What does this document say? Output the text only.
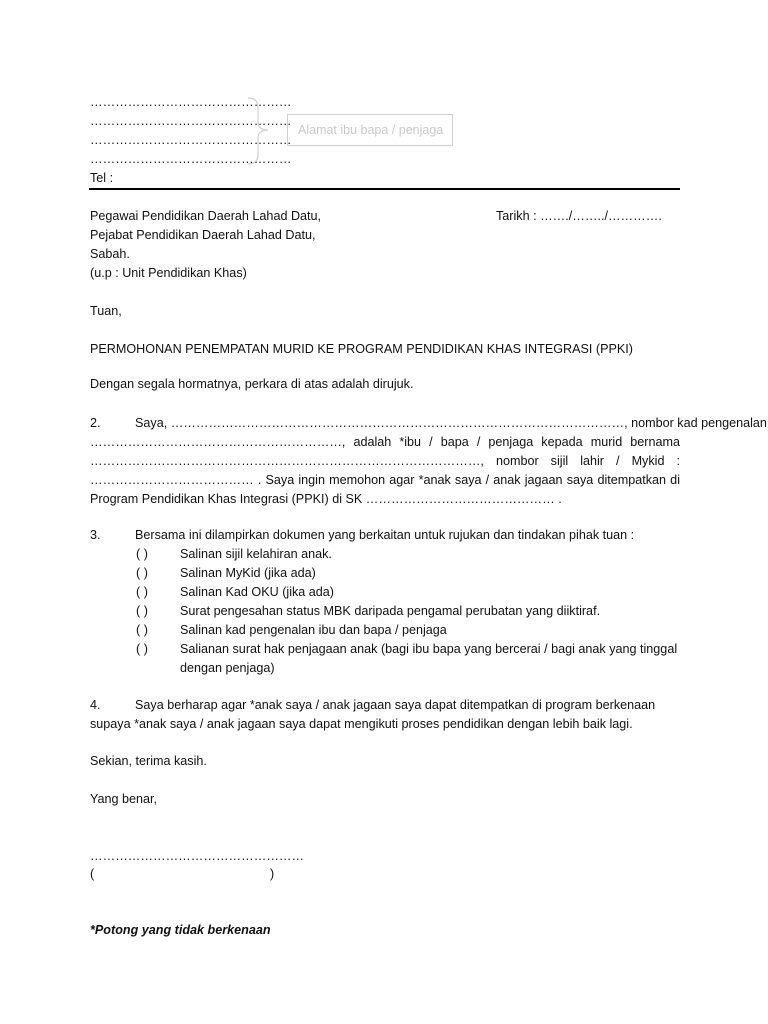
…………………………………………
…………………………………………
…………………………………………
…………………………………………
Tel :
Alamat ibu bapa / penjaga
Pegawai Pendidikan Daerah Lahad Datu,	Tarikh : ……./……../………….
Pejabat Pendidikan Daerah Lahad Datu,
Sabah.
(u.p : Unit Pendidikan Khas)
Tuan,
PERMOHONAN PENEMPATAN MURID KE PROGRAM PENDIDIKAN KHAS INTEGRASI (PPKI)
Dengan segala hormatnya, perkara di atas adalah dirujuk.
2.	Saya, ………………………………………………………………………………………………, nombor kad pengenalan
……………………………………………………, adalah *ibu / bapa / penjaga kepada murid bernama
…………………………………………………………………………………, nombor sijil lahir / Mykid :
………………………………… . Saya ingin memohon agar *anak saya / anak jagaan saya ditempatkan di
Program Pendidikan Khas Integrasi (PPKI) di SK ……………………………………… .
3.	Bersama ini dilampirkan dokumen yang berkaitan untuk rujukan dan tindakan pihak tuan :
( )	Salinan sijil kelahiran anak.
( )	Salinan MyKid (jika ada)
( )	Salinan Kad OKU (jika ada)
( )	Surat pengesahan status MBK daripada pengamal perubatan yang diiktiraf.
( )	Salinan kad pengenalan ibu dan bapa / penjaga
( )	Salianan surat hak penjagaan anak (bagi ibu bapa yang bercerai / bagi anak yang tinggal
dengan penjaga)
4.	Saya berharap agar *anak saya / anak jagaan saya dapat ditempatkan di program berkenaan
supaya *anak saya / anak jagaan saya dapat mengikuti proses pendidikan dengan lebih baik lagi.
Sekian, terima kasih.
Yang benar,
……………………………………………
(	)
*Potong yang tidak berkenaan
